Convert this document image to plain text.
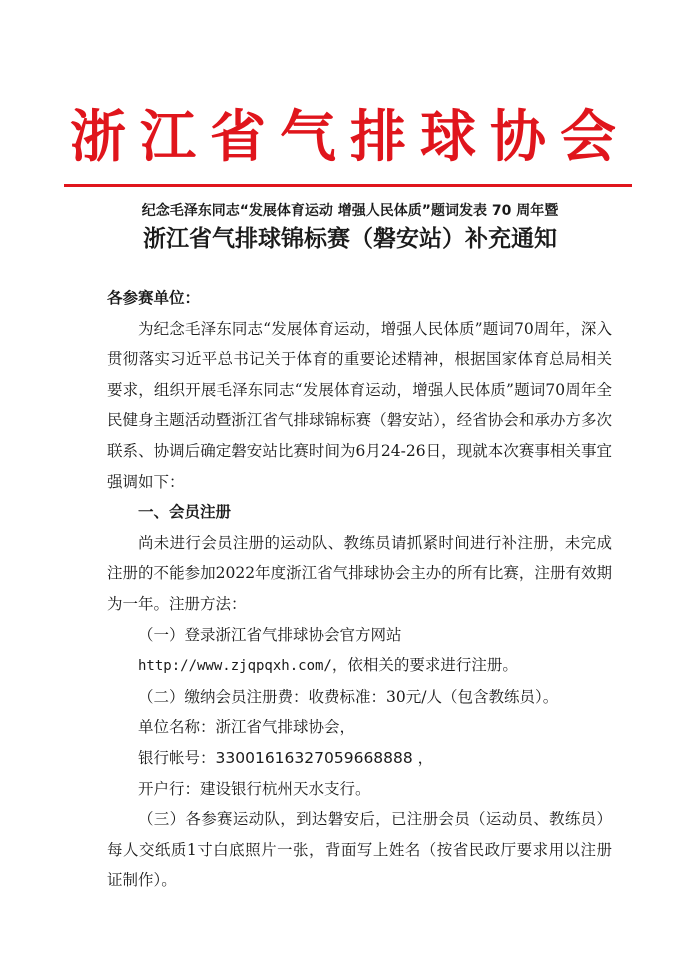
浙江省气排球协会
纪念毛泽东同志“发展体育运动 增强人民体质”题词发表 70 周年暨
浙江省气排球锦标赛（磐安站）补充通知

各参赛单位：

为纪念毛泽东同志“发展体育运动，增强人民体质”题词70周年，深入贯彻落实习近平总书记关于体育的重要论述精神，根据国家体育总局相关要求，组织开展毛泽东同志“发展体育运动，增强人民体质”题词70周年全民健身主题活动暨浙江省气排球锦标赛（磐安站），经省协会和承办方多次联系、协调后确定磐安站比赛时间为6月24-26日，现就本次赛事相关事宜强调如下：

一、会员注册

尚未进行会员注册的运动队、教练员请抓紧时间进行补注册，未完成注册的不能参加2022年度浙江省气排球协会主办的所有比赛，注册有效期为一年。注册方法：

（一）登录浙江省气排球协会官方网站

http://www.zjqpqxh.com/，依相关的要求进行注册。

（二）缴纳会员注册费：收费标准：30元/人（包含教练员）。

单位名称：浙江省气排球协会，

银行帐号：33001616327059668888 ，

开户行：建设银行杭州天水支行。

（三）各参赛运动队，到达磐安后，已注册会员（运动员、教练员）每人交纸质1寸白底照片一张，背面写上姓名（按省民政厅要求用以注册证制作）。
